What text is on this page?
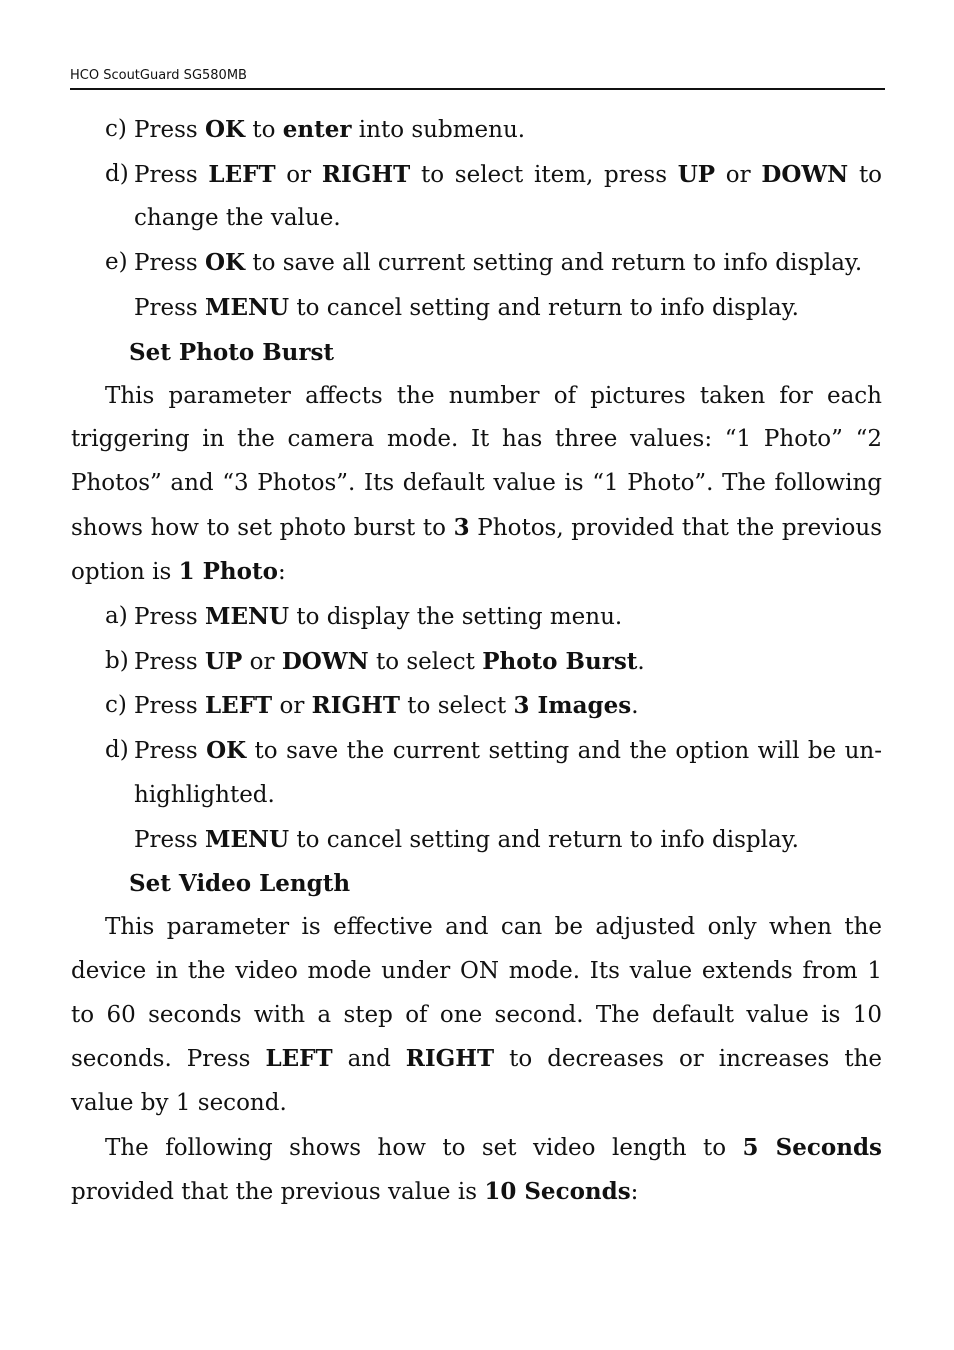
HCO ScoutGuard SG580MB
c) Press OK to enter into submenu.
d) Press LEFT or RIGHT to select item, press UP or DOWN to change the value.
e) Press OK to save all current setting and return to info display.
Press MENU to cancel setting and return to info display.
Set Photo Burst
This parameter affects the number of pictures taken for each triggering in the camera mode. It has three values: “1 Photo” “2 Photos” and “3 Photos”. Its default value is “1 Photo”. The following shows how to set photo burst to 3 Photos, provided that the previous option is 1 Photo:
a) Press MENU to display the setting menu.
b) Press UP or DOWN to select Photo Burst.
c) Press LEFT or RIGHT to select 3 Images.
d) Press OK to save the current setting and the option will be un-highlighted.
Press MENU to cancel setting and return to info display.
Set Video Length
This parameter is effective and can be adjusted only when the device in the video mode under ON mode. Its value extends from 1 to 60 seconds with a step of one second. The default value is 10 seconds. Press LEFT and RIGHT to decreases or increases the value by 1 second.
The following shows how to set video length to 5 Seconds provided that the previous value is 10 Seconds:
